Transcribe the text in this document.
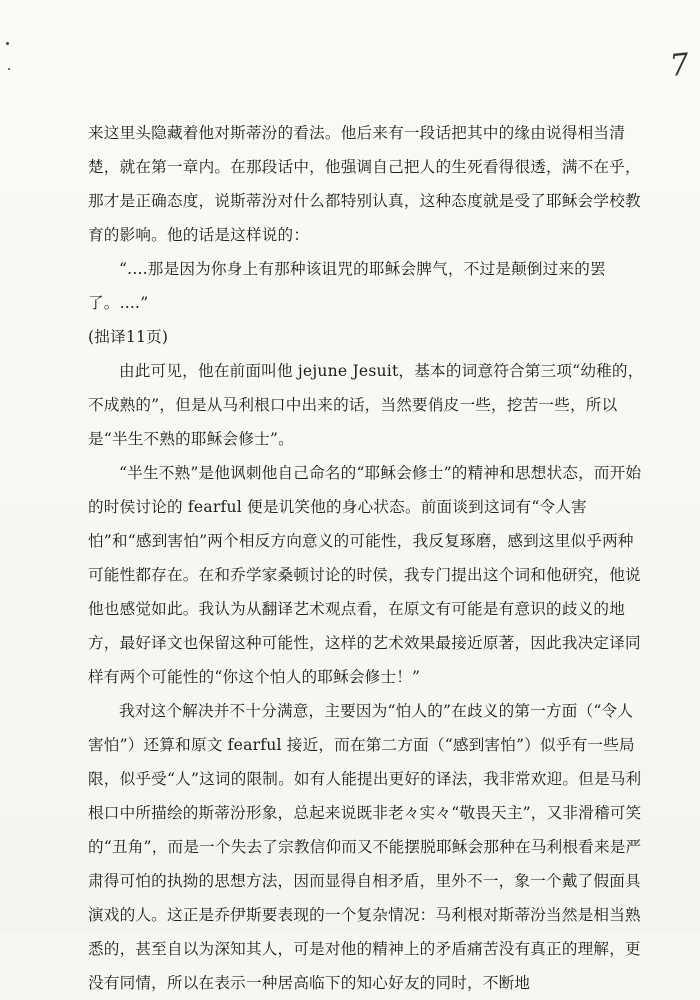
7
来这里头隐藏着他对斯蒂汾的看法。他后来有一段话把其中的缘由说得相当清楚，就在第一章内。在那段话中，他强调自己把人的生死看得很透，满不在乎，那才是正确态度，说斯蒂汾对什么都特别认真，这种态度就是受了耶稣会学校教育的影响。他的话是这样说的：
“....那是因为你身上有那种该诅咒的耶稣会脾气，不过是颠倒过来的罢了。....”
(拙译11页)
由此可见，他在前面叫他 jejune Jesuit，基本的词意符合第三项“幼稚的，不成熟的”，但是从马利根口中出来的话，当然要俏皮一些，挖苦一些，所以是“半生不熟的耶稣会修士”。
“半生不熟”是他讽刺他自己命名的“耶稣会修士”的精神和思想状态，而开始的时侯讨论的 fearful 便是讥笑他的身心状态。前面谈到这词有“令人害怕”和“感到害怕”两个相反方向意义的可能性，我反复琢磨，感到这里似乎两种可能性都存在。在和乔学家桑顿讨论的时侯，我专门提出这个词和他研究，他说他也感觉如此。我认为从翻译艺术观点看，在原文有可能是有意识的歧义的地方，最好译文也保留这种可能性，这样的艺术效果最接近原著，因此我决定译同样有两个可能性的“你这个怕人的耶稣会修士！”
我对这个解决并不十分满意，主要因为“怕人的”在歧义的第一方面（“令人害怕”）还算和原文 fearful 接近，而在第二方面（“感到害怕”）似乎有一些局限，似乎受“人”这词的限制。如有人能提出更好的译法，我非常欢迎。但是马利根口中所描绘的斯蒂汾形象，总起来说既非老々实々“敬畏天主”，又非滑稽可笑的“丑角”，而是一个失去了宗教信仰而又不能摆脱耶稣会那种在马利根看来是严肃得可怕的执拗的思想方法，因而显得自相矛盾，里外不一，象一个戴了假面具演戏的人。这正是乔伊斯要表现的一个复杂情况：马利根对斯蒂汾当然是相当熟悉的，甚至自以为深知其人，可是对他的精神上的矛盾痛苦没有真正的理解，更没有同情，所以在表示一种居高临下的知心好友的同时，不断地
